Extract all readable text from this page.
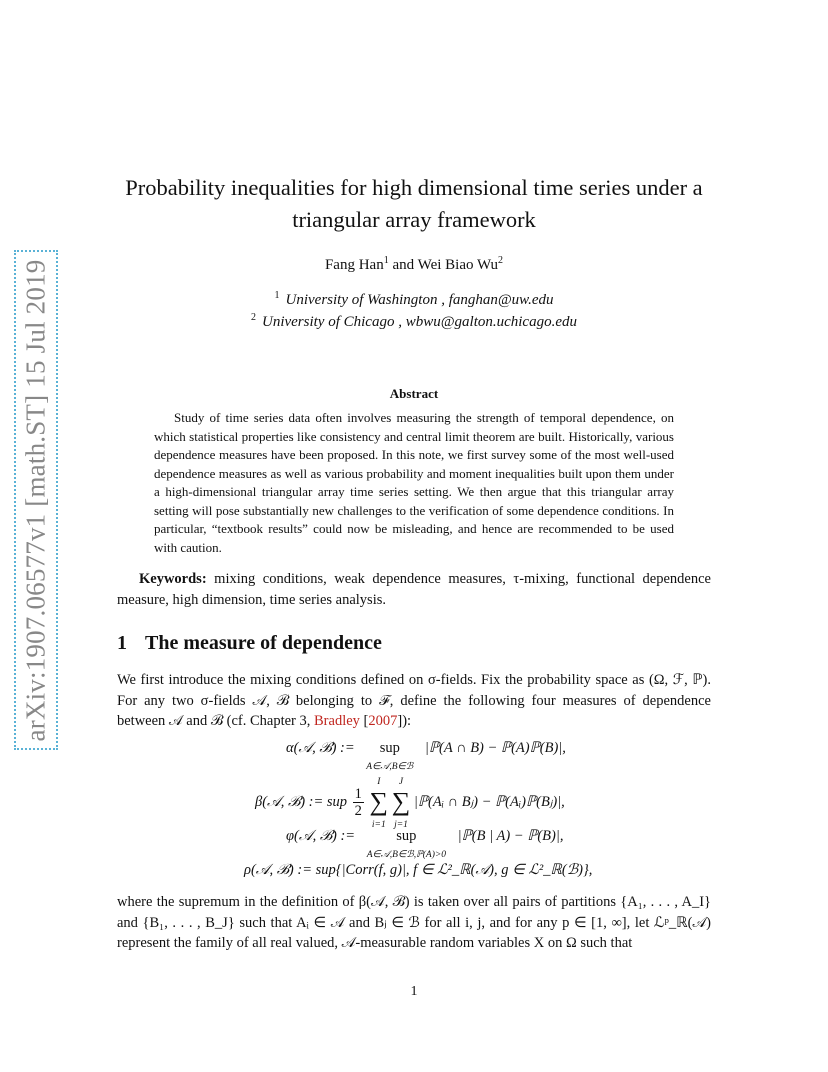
arXiv:1907.06577v1 [math.ST] 15 Jul 2019
Probability inequalities for high dimensional time series under a
triangular array framework
Fang Han$^1$ and Wei Biao Wu$^2$
$^1$ University of Washington , fanghan@uw.edu
$^2$ University of Chicago , wbwu@galton.uchicago.edu
Abstract
Study of time series data often involves measuring the strength of temporal dependence, on which statistical properties like consistency and central limit theorem are built. Historically, various dependence measures have been proposed. In this note, we first survey some of the most well-used dependence measures as well as various probability and moment inequalities built upon them under a high-dimensional triangular array time series setting. We then argue that this triangular array setting will pose substantially new challenges to the verification of some dependence conditions. In particular, “textbook results” could now be misleading, and hence are recommended to be used with caution.
Keywords: mixing conditions, weak dependence measures, τ-mixing, functional dependence measure, high dimension, time series analysis.
1 The measure of dependence
We first introduce the mixing conditions defined on σ-fields. Fix the probability space as (Ω, ℱ, ℙ). For any two σ-fields 𝒜, ℬ belonging to ℱ, define the following four measures of dependence between 𝒜 and ℬ (cf. Chapter 3, Bradley [2007]):
α(𝒜, ℬ) := sup
A∈𝒜,B∈ℬ |ℙ(A ∩ B) − ℙ(A)ℙ(B)|,
β(𝒜, ℬ) := sup $\frac{1}{2}$
I
∑
i=1 J
∑
j=1 |ℙ(Aᵢ ∩ Bⱼ) − ℙ(Aᵢ)ℙ(Bⱼ)|,
φ(𝒜, ℬ) :=	sup
A∈𝒜,B∈ℬ,ℙ(A)>0 |ℙ(B | A) − ℙ(B)|,
ρ(𝒜, ℬ) := sup{|Corr(f, g)|, f ∈ ℒ²_ℝ(𝒜), g ∈ ℒ²_ℝ(ℬ)},
where the supremum in the definition of β(𝒜, ℬ) is taken over all pairs of partitions {A₁, . . . , A_I} and {B₁, . . . , B_J} such that Aᵢ ∈ 𝒜 and Bⱼ ∈ ℬ for all i, j, and for any p ∈ [1, ∞], let ℒᵖ_ℝ(𝒜) represent the family of all real valued, 𝒜-measurable random variables X on Ω such that
1
